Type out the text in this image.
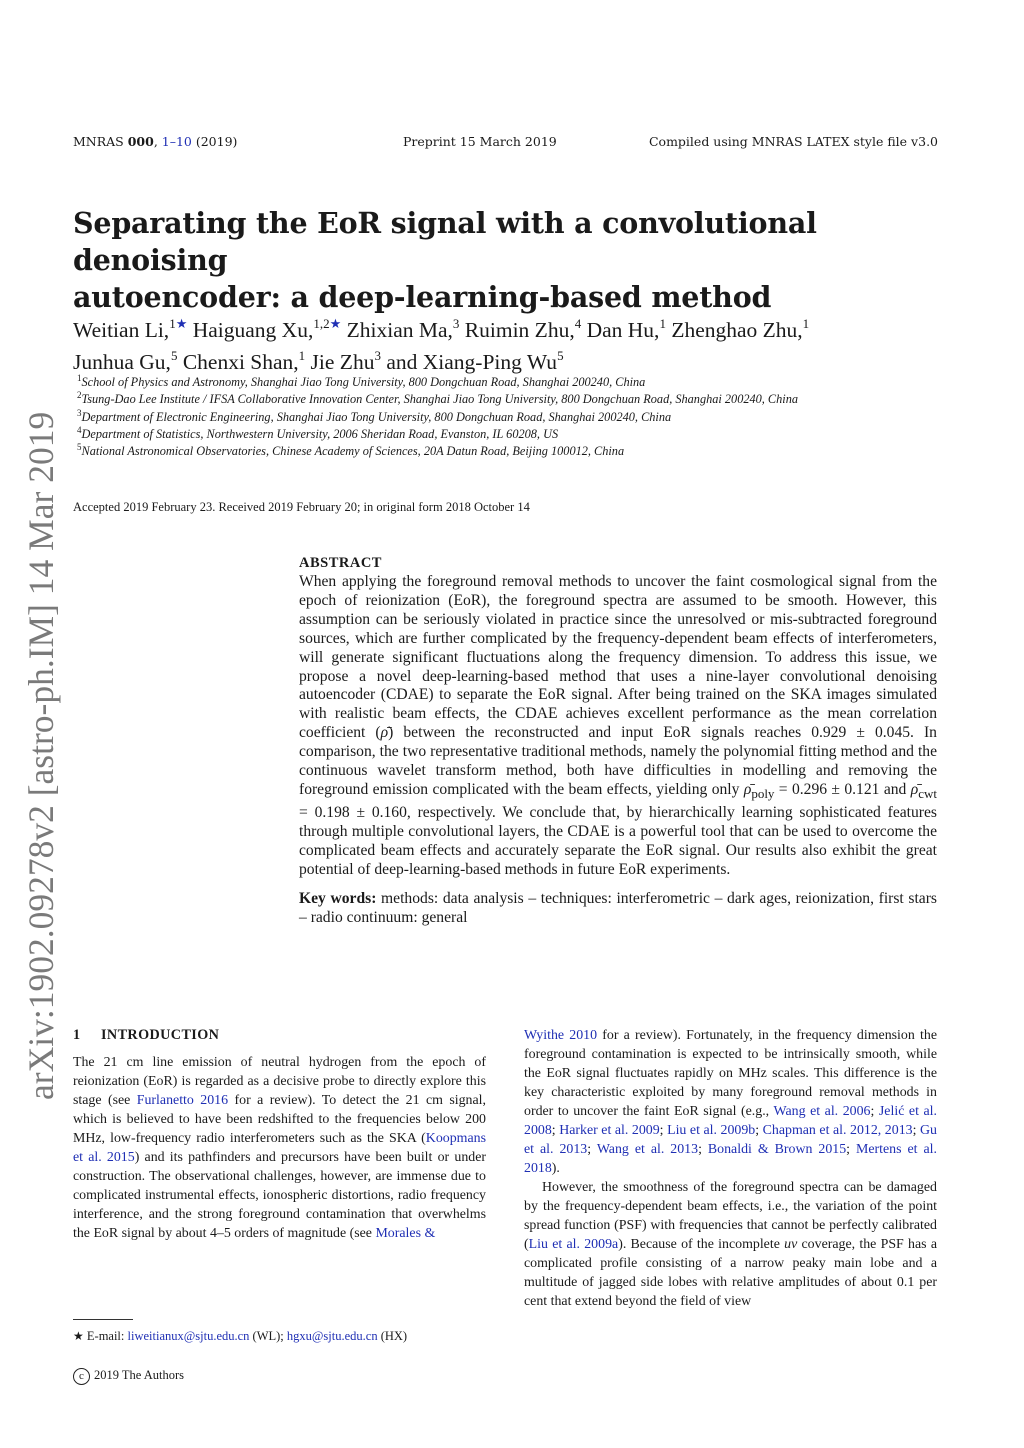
MNRAS 000, 1–10 (2019)	Preprint 15 March 2019	Compiled using MNRAS LATEX style file v3.0
Separating the EoR signal with a convolutional denoising
autoencoder: a deep-learning-based method
Weitian Li,$^{1★}$ Haiguang Xu,$^{1,2★}$ Zhixian Ma,$^3$ Ruimin Zhu,$^4$ Dan Hu,$^1$ Zhenghao Zhu,$^1$
Junhua Gu,$^5$ Chenxi Shan,$^1$ Jie Zhu$^3$ and Xiang-Ping Wu$^5$
$^1$School of Physics and Astronomy, Shanghai Jiao Tong University, 800 Dongchuan Road, Shanghai 200240, China
$^2$Tsung-Dao Lee Institute / IFSA Collaborative Innovation Center, Shanghai Jiao Tong University, 800 Dongchuan Road, Shanghai 200240, China
$^3$Department of Electronic Engineering, Shanghai Jiao Tong University, 800 Dongchuan Road, Shanghai 200240, China
$^4$Department of Statistics, Northwestern University, 2006 Sheridan Road, Evanston, IL 60208, US
$^5$National Astronomical Observatories, Chinese Academy of Sciences, 20A Datun Road, Beijing 100012, China
Accepted 2019 February 23. Received 2019 February 20; in original form 2018 October 14
ABSTRACT
When applying the foreground removal methods to uncover the faint cosmological signal from the epoch of reionization (EoR), the foreground spectra are assumed to be smooth. However, this assumption can be seriously violated in practice since the unresolved or mis-subtracted foreground sources, which are further complicated by the frequency-dependent beam effects of interferometers, will generate significant fluctuations along the frequency dimension. To address this issue, we propose a novel deep-learning-based method that uses a nine-layer convolutional denoising autoencoder (CDAE) to separate the EoR signal. After being trained on the SKA images simulated with realistic beam effects, the CDAE achieves excellent performance as the mean correlation coefficient (ρ̄) between the reconstructed and input EoR signals reaches 0.929 ± 0.045. In comparison, the two representative traditional methods, namely the polynomial fitting method and the continuous wavelet transform method, both have difficulties in modelling and removing the foreground emission complicated with the beam effects, yielding only $\rhō_{poly} = 0.296 \pm 0.121$ and $\rhō_{cwt} = 0.198 \pm 0.160$, respectively. We conclude that, by hierarchically learning sophisticated features through multiple convolutional layers, the CDAE is a powerful tool that can be used to overcome the complicated beam effects and accurately separate the EoR signal. Our results also exhibit the great potential of deep-learning-based methods in future EoR experiments.
Key words: methods: data analysis – techniques: interferometric – dark ages, reionization, first stars – radio continuum: general
arXiv:1902.09278v2 [astro-ph.IM] 14 Mar 2019 1 INTRODUCTION

The 21 cm line emission of neutral hydrogen from the epoch of reionization (EoR) is regarded as a decisive probe to directly explore this stage (see Furlanetto 2016 for a review). To detect the 21 cm signal, which is believed to have been redshifted to the frequencies below 200 MHz, low-frequency radio interferometers such as the SKA (Koopmans et al. 2015) and its pathfinders and precursors have been built or under construction. The observational challenges, however, are immense due to complicated instrumental effects, ionospheric distortions, radio frequency interference, and the strong foreground contamination that overwhelms the EoR signal by about 4–5 orders of magnitude (see Morales &

Wyithe 2010 for a review). Fortunately, in the frequency dimension the foreground contamination is expected to be intrinsically smooth, while the EoR signal fluctuates rapidly on MHz scales. This difference is the key characteristic exploited by many foreground removal methods in order to uncover the faint EoR signal (e.g., Wang et al. 2006; Jelić et al. 2008; Harker et al. 2009; Liu et al. 2009b; Chapman et al. 2012, 2013; Gu et al. 2013; Wang et al. 2013; Bonaldi & Brown 2015; Mertens et al. 2018).

However, the smoothness of the foreground spectra can be damaged by the frequency-dependent beam effects, i.e., the variation of the point spread function (PSF) with frequencies that cannot be perfectly calibrated (Liu et al. 2009a). Because of the incomplete uv coverage, the PSF has a complicated profile consisting of a narrow peaky main lobe and a multitude of jagged side lobes with relative amplitudes of about 0.1 per cent that extend beyond the field of view

★ E-mail: liweitianux@sjtu.edu.cn (WL); hgxu@sjtu.edu.cn (HX)
c 2019 The Authors
